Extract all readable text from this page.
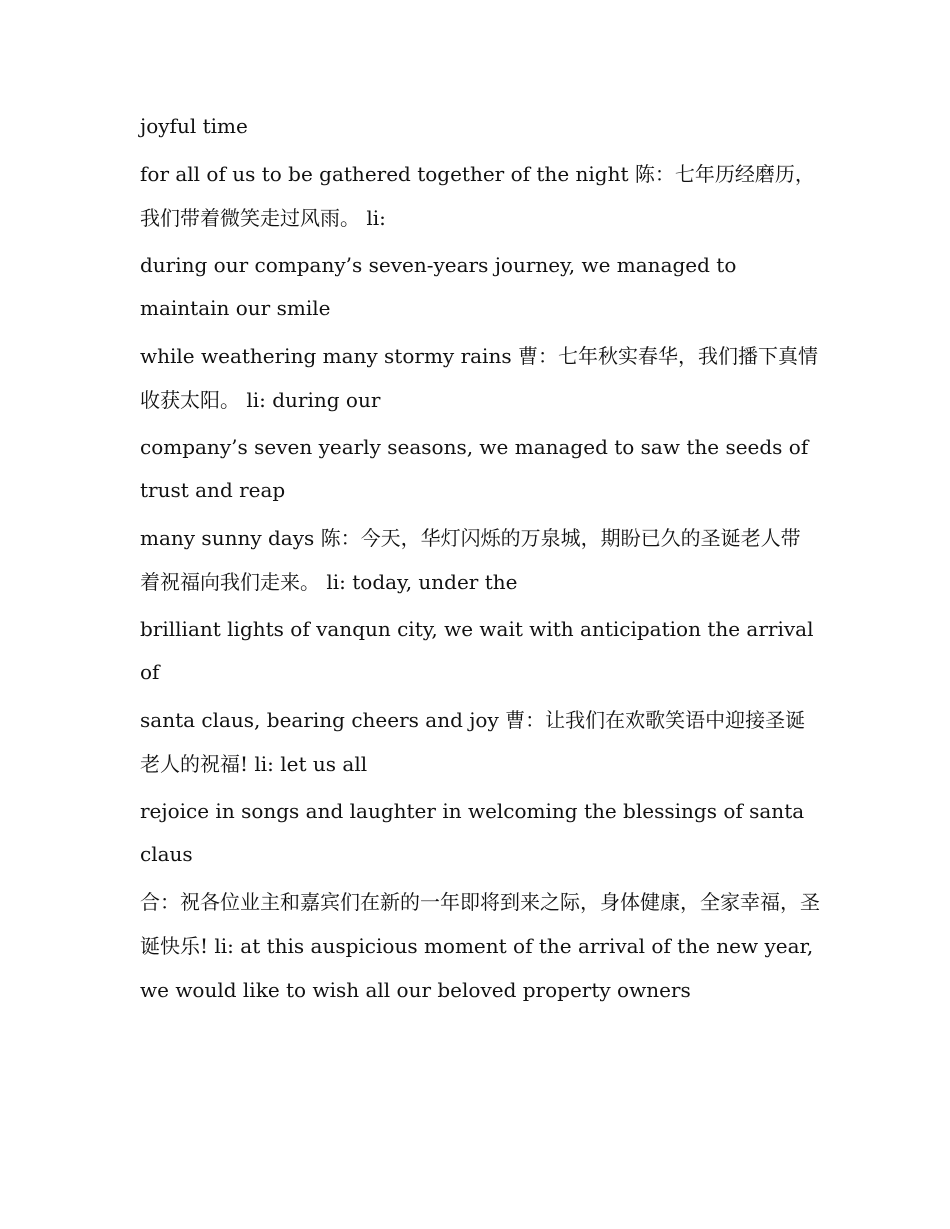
joyful time

for all of us to be gathered together of the night 陈：七年历经磨历，我们带着微笑走过风雨。 li:

during our company’s seven-years journey, we managed to maintain our smile

while weathering many stormy rains 曹：七年秋实春华，我们播下真情收获太阳。 li: during our

company’s seven yearly seasons, we managed to saw the seeds of trust and reap

many sunny days 陈：今天，华灯闪烁的万泉城，期盼已久的圣诞老人带着祝福向我们走来。 li: today, under the

brilliant lights of vanqun city, we wait with anticipation the arrival of

santa claus, bearing cheers and joy 曹：让我们在欢歌笑语中迎接圣诞老人的祝福! li: let us all

rejoice in songs and laughter in welcoming the blessings of santa claus

合：祝各位业主和嘉宾们在新的一年即将到来之际，身体健康，全家幸福，圣诞快乐! li: at this auspicious moment of the arrival of the new year, we would like to wish all our beloved property owners
